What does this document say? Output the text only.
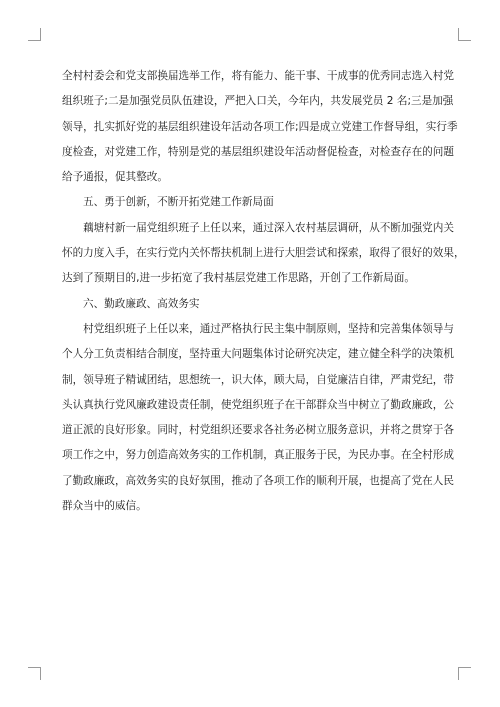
全村村委会和党支部换届选举工作，将有能力、能干事、干成事的优秀同志选入村党
组织班子;二是加强党员队伍建设，严把入口关，今年内，共发展党员 2 名;三是加强
领导，扎实抓好党的基层组织建设年活动各项工作;四是成立党建工作督导组，实行季
度检查，对党建工作，特别是党的基层组织建设年活动督促检查，对检查存在的问题
给予通报，促其整改。

五、勇于创新，不断开拓党建工作新局面

　　藕塘村新一届党组织班子上任以来，通过深入农村基层调研，从不断加强党内关
怀的力度入手，在实行党内关怀帮扶机制上进行大胆尝试和探索，取得了很好的效果，
达到了预期目的,进一步拓宽了我村基层党建工作思路，开创了工作新局面。

六、勤政廉政、高效务实

　　村党组织班子上任以来，通过严格执行民主集中制原则，坚持和完善集体领导与
个人分工负责相结合制度，坚持重大问题集体讨论研究决定，建立健全科学的决策机
制，领导班子精诚团结，思想统一，识大体，顾大局，自觉廉洁自律，严肃党纪，带
头认真执行党风廉政建设责任制，使党组织班子在干部群众当中树立了勤政廉政，公
道正派的良好形象。同时，村党组织还要求各社务必树立服务意识，并将之贯穿于各
项工作之中，努力创造高效务实的工作机制，真正服务于民，为民办事。在全村形成
了勤政廉政，高效务实的良好氛围，推动了各项工作的顺利开展，也提高了党在人民
群众当中的威信。
